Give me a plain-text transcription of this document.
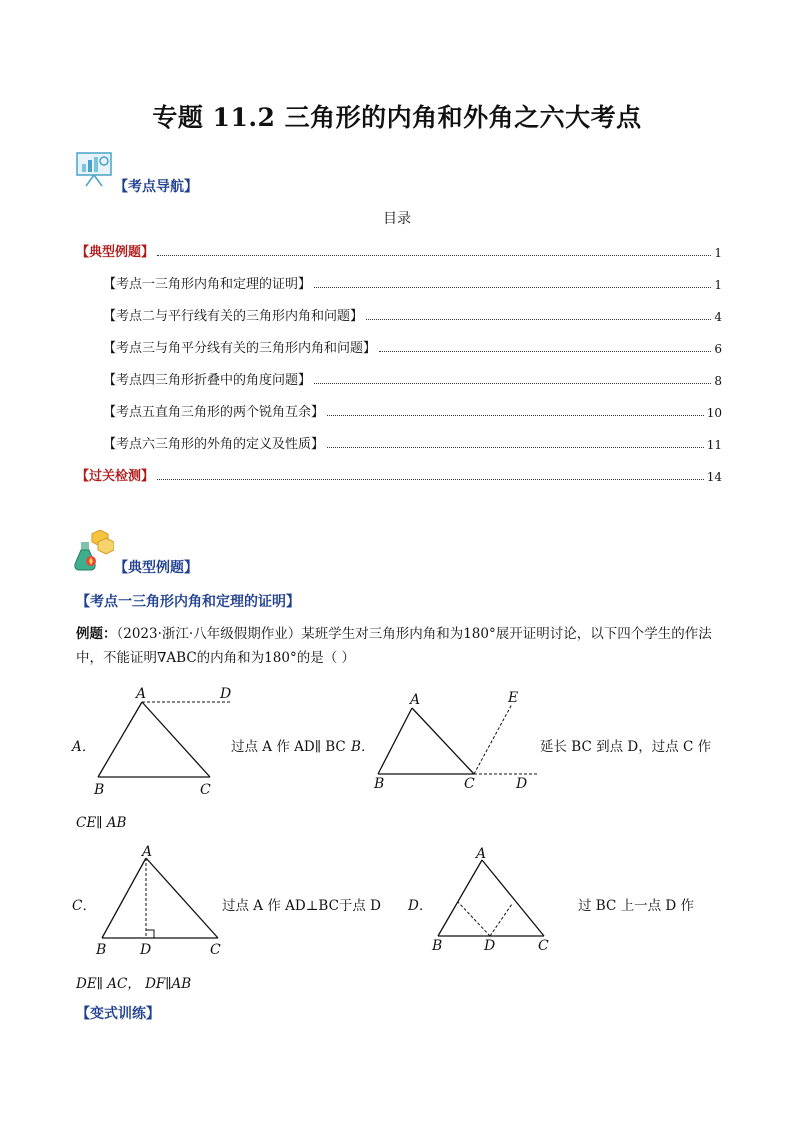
专题 11.2 三角形的内角和外角之六大考点
【考点导航】
目录
【典型例题】	1
【考点一三角形内角和定理的证明】	1
【考点二与平行线有关的三角形内角和问题】	4
【考点三与角平分线有关的三角形内角和问题】	6
【考点四三角形折叠中的角度问题】	8
【考点五直角三角形的两个锐角互余】	10
【考点六三角形的外角的定义及性质】	11
【过关检测】	14
【典型例题】
【考点一三角形内角和定理的证明】
例题：（2023·浙江·八年级假期作业）某班学生对三角形内角和为180°展开证明讨论，以下四个学生的作法
中，不能证明∇ABC的内角和为180°的是（ ）
A．
A	D
B	C
过点 A 作 AD∥ BC B．
A	E
B	C	D
延长 BC 到点 D，过点 C 作
CE∥ AB
C．
A
B D	C
过点 A 作 AD⊥BC于点 D D．
A
B	D	C
过 BC 上一点 D 作
DE∥ AC， DF∥AB
【变式训练】
